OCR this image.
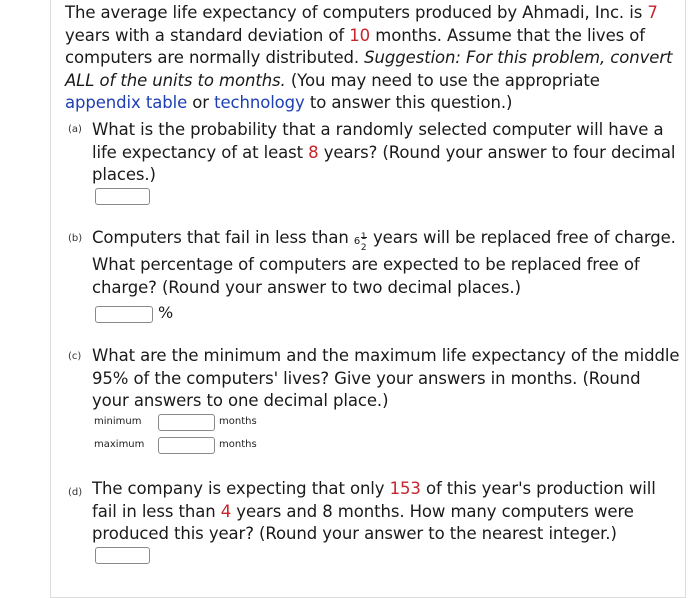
The average life expectancy of computers produced by Ahmadi, Inc. is 7 years with a standard deviation of 10 months. Assume that the lives of computers are normally distributed. Suggestion: For this problem, convert ALL of the units to months. (You may need to use the appropriate appendix table or technology to answer this question.)
(a) What is the probability that a randomly selected computer will have a life expectancy of at least 8 years? (Round your answer to four decimal places.)
(b) Computers that fail in less than 6
2
years will be replaced free of charge.
What percentage of computers are expected to be replaced free of charge? (Round your answer to two decimal places.)
%
(c) What are the minimum and the maximum life expectancy of the middle 95% of the computers' lives? Give your answers in months. (Round your answers to one decimal place.)
minimum	months
maximum	months
(d) The company is expecting that only 153 of this year's production will fail in less than 4 years and 8 months. How many computers were produced this year? (Round your answer to the nearest integer.)
